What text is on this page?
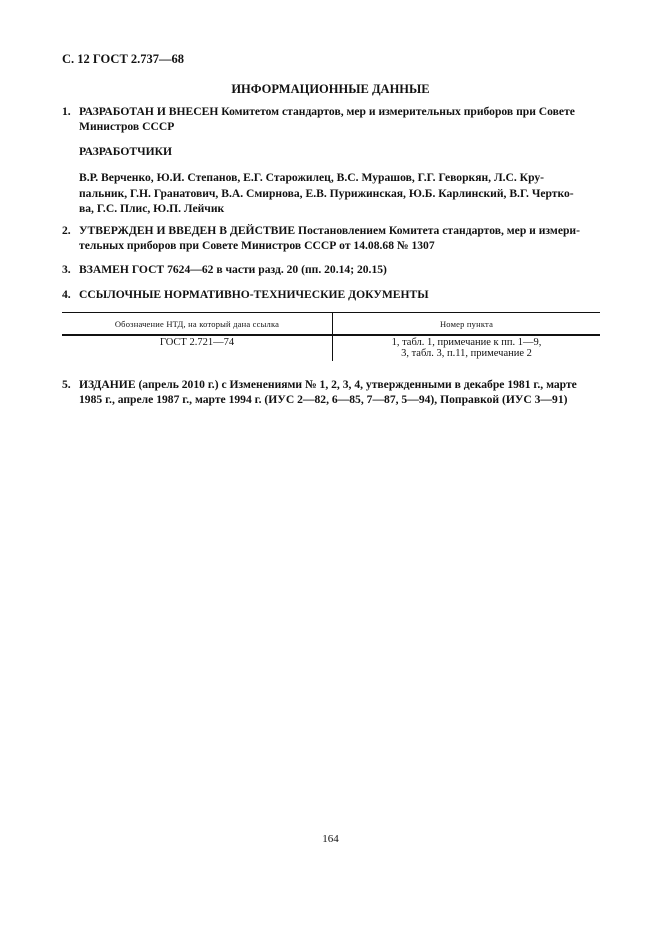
С. 12 ГОСТ 2.737—68
ИНФОРМАЦИОННЫЕ ДАННЫЕ
1. РАЗРАБОТАН И ВНЕСЕН Комитетом стандартов, мер и измерительных приборов при Совете
Министров СССР
РАЗРАБОТЧИКИ
В.Р. Верченко, Ю.И. Степанов, Е.Г. Старожилец, В.С. Мурашов, Г.Г. Геворкян, Л.С. Кру-
пальник, Г.Н. Гранатович, В.А. Смирнова, Е.В. Пурижинская, Ю.Б. Карлинский, В.Г. Чертко-
ва, Г.С. Плис, Ю.П. Лейчик
2. УТВЕРЖДЕН И ВВЕДЕН В ДЕЙСТВИЕ Постановлением Комитета стандартов, мер и измери-
тельных приборов при Совете Министров СССР от 14.08.68 № 1307
3. ВЗАМЕН ГОСТ 7624—62 в части разд. 20 (пп. 20.14; 20.15)
4. ССЫЛОЧНЫЕ НОРМАТИВНО-ТЕХНИЧЕСКИЕ ДОКУМЕНТЫ
Обозначение НТД, на который дана ссылка	Номер пункта
ГОСТ 2.721—74	1, табл. 1, примечание к пп. 1—9,
3, табл. 3, п.11, примечание 2
5. ИЗДАНИЕ (апрель 2010 г.) с Изменениями № 1, 2, 3, 4, утвержденными в декабре 1981 г., марте
1985 г., апреле 1987 г., марте 1994 г. (ИУС 2—82, 6—85, 7—87, 5—94), Поправкой (ИУС 3—91)
164
